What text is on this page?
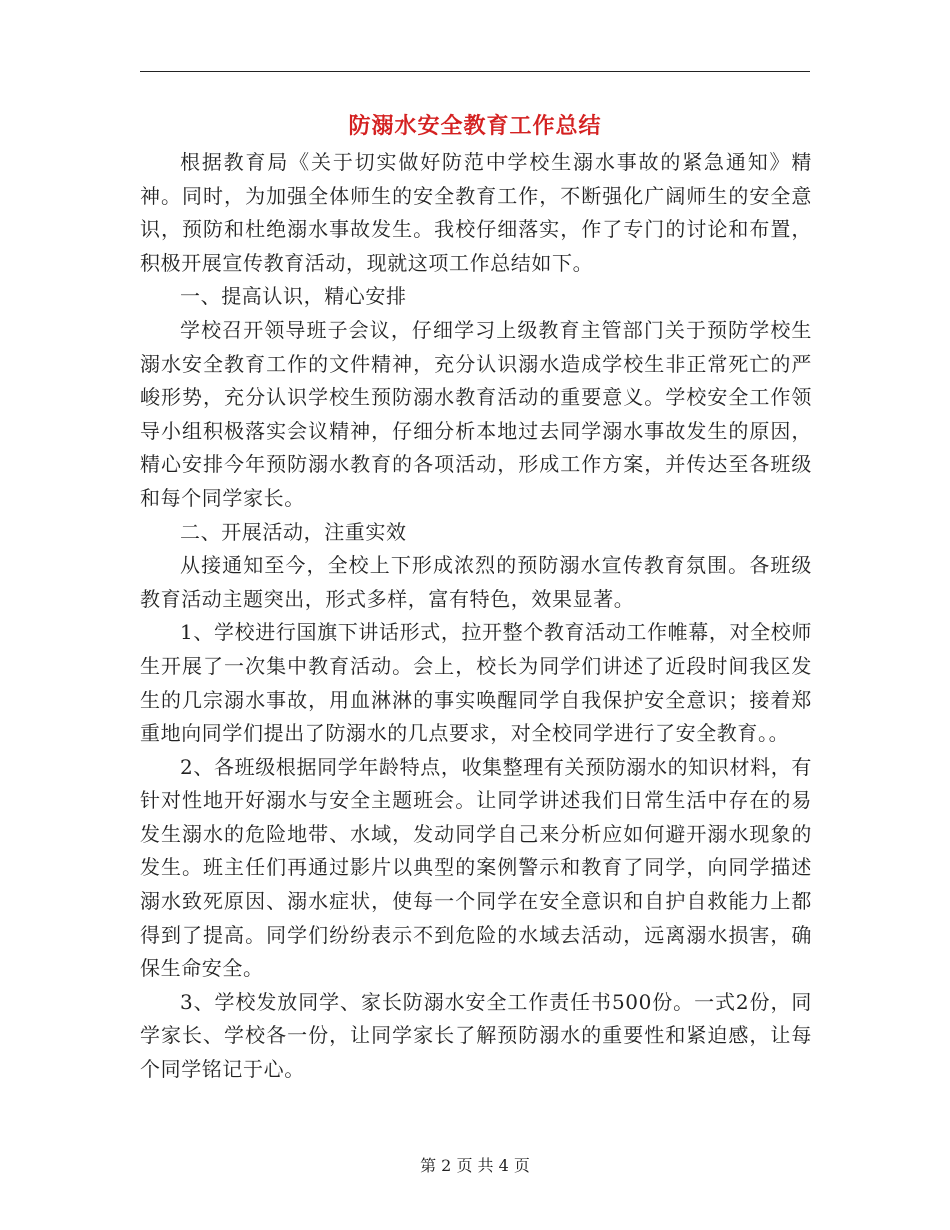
防溺水安全教育工作总结

根据教育局《关于切实做好防范中学校生溺水事故的紧急通知》精神。同时，为加强全体师生的安全教育工作，不断强化广阔师生的安全意识，预防和杜绝溺水事故发生。我校仔细落实，作了专门的讨论和布置，积极开展宣传教育活动，现就这项工作总结如下。

一、提高认识，精心安排

学校召开领导班子会议，仔细学习上级教育主管部门关于预防学校生溺水安全教育工作的文件精神，充分认识溺水造成学校生非正常死亡的严峻形势，充分认识学校生预防溺水教育活动的重要意义。学校安全工作领导小组积极落实会议精神，仔细分析本地过去同学溺水事故发生的原因，精心安排今年预防溺水教育的各项活动，形成工作方案，并传达至各班级和每个同学家长。

二、开展活动，注重实效

从接通知至今，全校上下形成浓烈的预防溺水宣传教育氛围。各班级教育活动主题突出，形式多样，富有特色，效果显著。

1、学校进行国旗下讲话形式，拉开整个教育活动工作帷幕，对全校师生开展了一次集中教育活动。会上，校长为同学们讲述了近段时间我区发生的几宗溺水事故，用血淋淋的事实唤醒同学自我保护安全意识；接着郑重地向同学们提出了防溺水的几点要求，对全校同学进行了安全教育。。

2、各班级根据同学年龄特点，收集整理有关预防溺水的知识材料，有针对性地开好溺水与安全主题班会。让同学讲述我们日常生活中存在的易发生溺水的危险地带、水域，发动同学自己来分析应如何避开溺水现象的发生。班主任们再通过影片以典型的案例警示和教育了同学，向同学描述溺水致死原因、溺水症状，使每一个同学在安全意识和自护自救能力上都得到了提高。同学们纷纷表示不到危险的水域去活动，远离溺水损害，确保生命安全。

3、学校发放同学、家长防溺水安全工作责任书500份。一式2份，同学家长、学校各一份，让同学家长了解预防溺水的重要性和紧迫感，让每个同学铭记于心。

第 2 页 共 4 页
